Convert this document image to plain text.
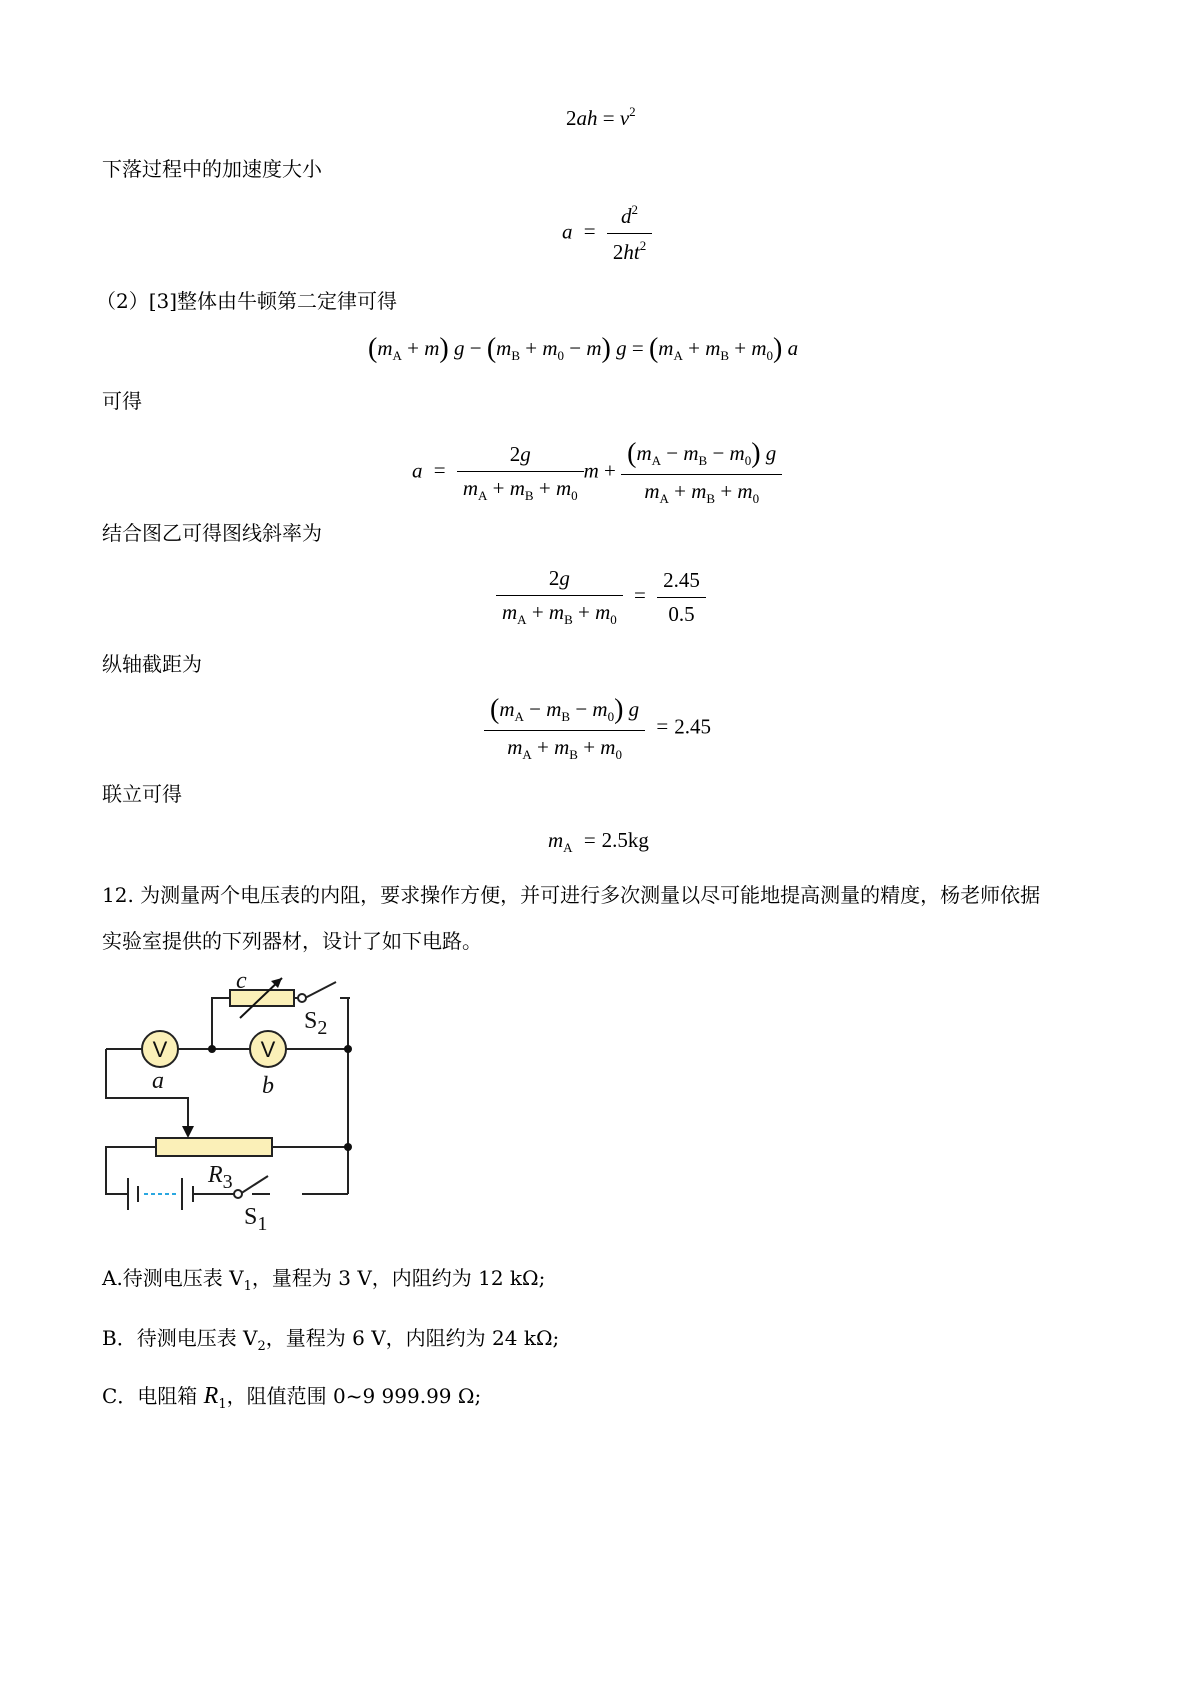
$2ah = v^2$
下落过程中的加速度大小
$a = \frac{d^2}{2ht^2}$
（2）[3]整体由牛顿第二定律可得
$(m_A + m) g - (m_B + m_0 - m) g = (m_A + m_B + m_0)$ a
可得
$a = \frac{2g}{m_A + m_B + m_0}$ $m + \frac{(m_A - m_B - m_0) g}{m_A + m_B + m_0}$
结合图乙可得图线斜率为
$\frac{2g}{m_A + m_B + m_0} = \frac{2.45}{0.5}$
纵轴截距为
$\frac{(m_A - m_B - m_0) g}{m_A + m_B + m_0} = 2.45$
联立可得
$m_A = 2.5kg$
12. 为测量两个电压表的内阻，要求操作方便，并可进行多次测量以尽可能地提高测量的精度，杨老师依据
实验室提供的下列器材，设计了如下电路。
V	V
c
$S_2$
a	b
$R_3$
$S_1$
A.待测电压表 $V_1$，量程为 3 V，内阻约为 12 kΩ;
B．待测电压表 $V_2$，量程为 6 V，内阻约为 24 kΩ;
C．电阻箱 $R_1$，阻值范围 0~9 999.99 Ω;
